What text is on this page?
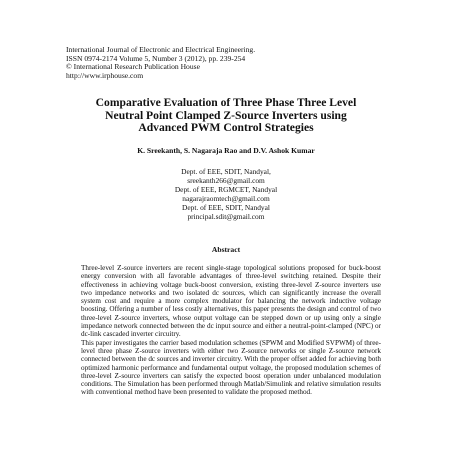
International Journal of Electronic and Electrical Engineering.
ISSN 0974-2174 Volume 5, Number 3 (2012), pp. 239-254
© International Research Publication House
http://www.irphouse.com
Comparative Evaluation of Three Phase Three Level
Neutral Point Clamped Z-Source Inverters using
Advanced PWM Control Strategies
K. Sreekanth, S. Nagaraja Rao and D.V. Ashok Kumar
Dept. of EEE, SDIT, Nandyal,
sreekanth266@gmail.com
Dept. of EEE, RGMCET, Nandyal
nagarajraomtech@gmail.com
Dept. of EEE, SDIT, Nandyal
principal.sdit@gmail.com
Abstract

Three-level Z-source inverters are recent single-stage topological solutions proposed for buck-boost energy conversion with all favorable advantages of three-level switching retained. Despite their effectiveness in achieving voltage buck-boost conversion, existing three-level Z-source inverters use two impedance networks and two isolated dc sources, which can significantly increase the overall system cost and require a more complex modulator for balancing the network inductive voltage boosting. Offering a number of less costly alternatives, this paper presents the design and control of two three-level Z-source inverters, whose output voltage can be stepped down or up using only a single impedance network connected between the dc input source and either a neutral-point-clamped (NPC) or dc-link cascaded inverter circuitry.

This paper investigates the carrier based modulation schemes (SPWM and Modified SVPWM) of three-level three phase Z-source inverters with either two Z-source networks or single Z-source network connected between the dc sources and inverter circuitry. With the proper offset added for achieving both optimized harmonic performance and fundamental output voltage, the proposed modulation schemes of three-level Z-source inverters can satisfy the expected boost operation under unbalanced modulation conditions. The Simulation has been performed through Matlab/Simulink and relative simulation results with conventional method have been presented to validate the proposed method.
